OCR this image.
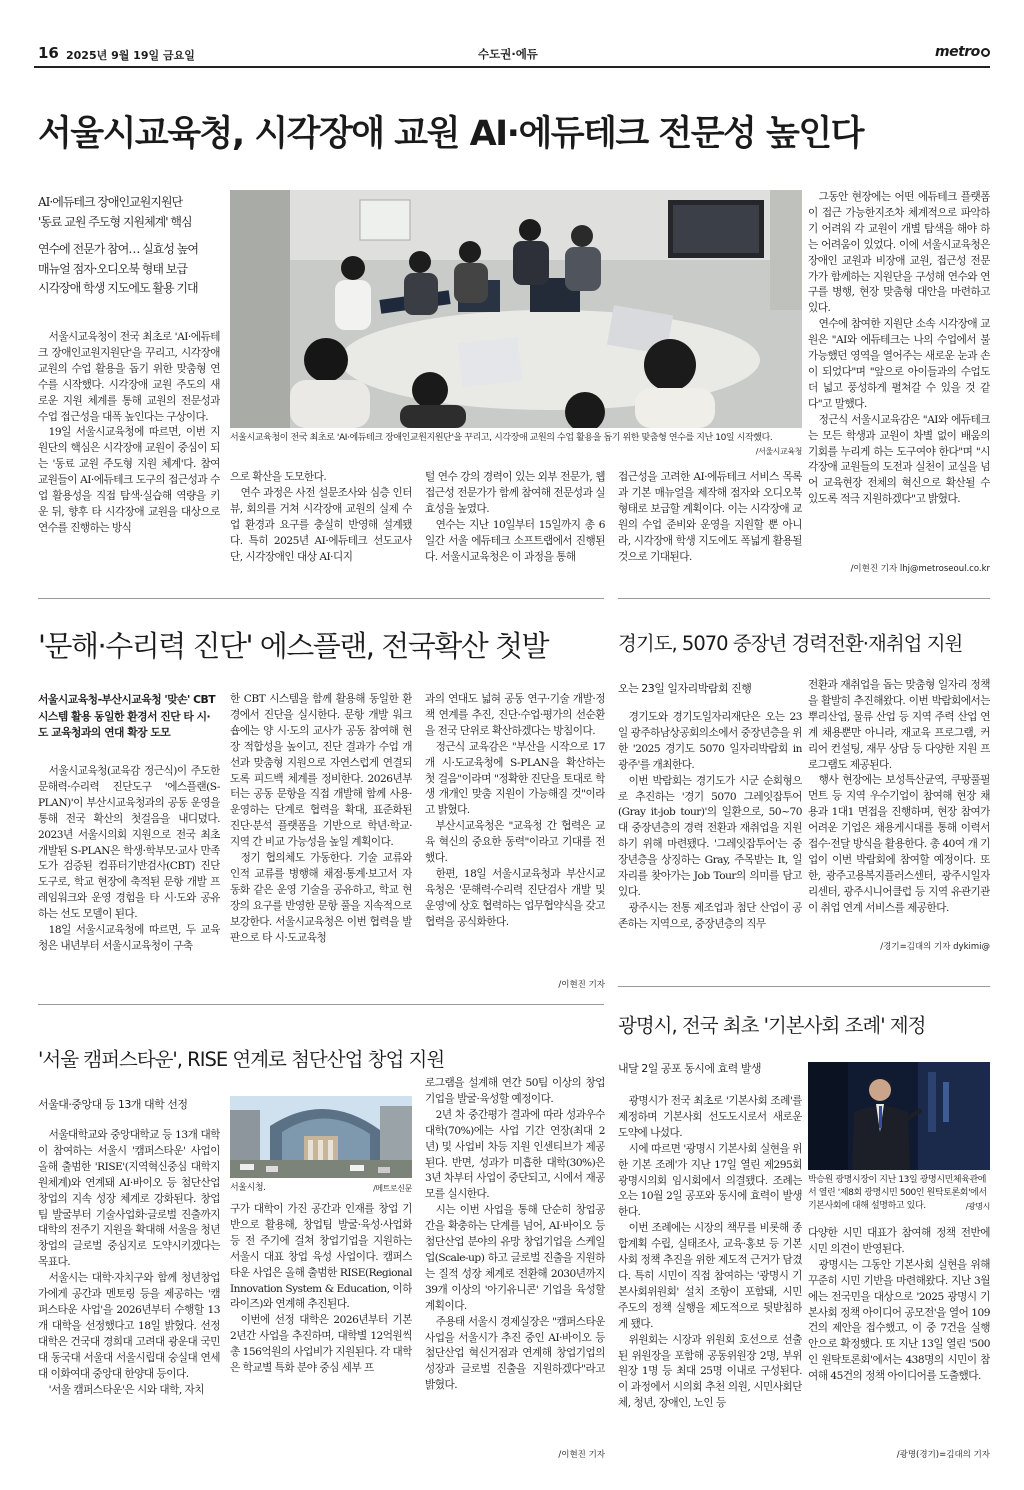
16 2025년 9월 19일 금요일	수도권·에듀	metro
서울시교육청, 시각장애 교원 AI·에듀테크 전문성 높인다
AI·에듀테크 장애인교원지원단
'동료 교원 주도형 지원체계' 핵심
연수에 전문가 참여… 실효성 높여
매뉴얼 점자·오디오북 형태 보급
시각장애 학생 지도에도 활용 기대

서울시교육청이 전국 최초로 'AI·에듀테크 장애인교원지원단'을 꾸리고, 시각장애 교원의 수업 활용을 돕기 위한 맞춤형 연수를 시작했다. 시각장애 교원 주도의 새로운 지원 체계를 통해 교원의 전문성과 수업 접근성을 대폭 높인다는 구상이다.

19일 서울시교육청에 따르면, 이번 지원단의 핵심은 시각장애 교원이 중심이 되는 '동료 교원 주도형 지원 체계'다. 참여 교원들이 AI·에듀테크 도구의 접근성과 수업 활용성을 직접 탐색·실습해 역량을 키운 뒤, 향후 타 시각장애 교원을 대상으로 연수를 진행하는 방식

서울시교육청이 전국 최초로 'AI·에듀테크 장애인교원지원단'을 꾸리고, 시각장애 교원의 수업 활용을 돕기 위한 맞춤형 연수를 지난 10일 시작했다.
/서울시교육청

으로 확산을 도모한다.

연수 과정은 사전 설문조사와 심층 인터뷰, 회의를 거쳐 시각장애 교원의 실제 수업 환경과 요구를 충실히 반영해 설계됐다. 특히 2025년 AI·에듀테크 선도교사단, 시각장애인 대상 AI·디지

털 연수 강의 경력이 있는 외부 전문가, 웹접근성 전문가가 함께 참여해 전문성과 실효성을 높였다.

연수는 지난 10일부터 15일까지 총 6일간 서울 에듀테크 소프트랩에서 진행된다. 서울시교육청은 이 과정을 통해

접근성을 고려한 AI·에듀테크 서비스 목록과 기본 매뉴얼을 제작해 점자와 오디오북 형태로 보급할 계획이다. 이는 시각장애 교원의 수업 준비와 운영을 지원할 뿐 아니라, 시각장애 학생 지도에도 폭넓게 활용될 것으로 기대된다.

그동안 현장에는 어떤 에듀테크 플랫폼이 접근 가능한지조차 체계적으로 파악하기 어려워 각 교원이 개별 탐색을 해야 하는 어려움이 있었다. 이에 서울시교육청은 장애인 교원과 비장애 교원, 접근성 전문가가 함께하는 지원단을 구성해 연수와 연구를 병행, 현장 맞춤형 대안을 마련하고 있다.

연수에 참여한 지원단 소속 시각장애 교원은 "AI와 에듀테크는 나의 수업에서 불가능했던 영역을 열어주는 새로운 눈과 손이 되었다"며 "앞으로 아이들과의 수업도 더 넓고 풍성하게 펼쳐갈 수 있을 것 같다"고 말했다.

정근식 서울시교육감은 "AI와 에듀테크는 모든 학생과 교원이 차별 없이 배움의 기회를 누리게 하는 도구여야 한다"며 "시각장애 교원들의 도전과 실천이 교실을 넘어 교육현장 전체의 혁신으로 확산될 수 있도록 적극 지원하겠다"고 밝혔다.

/이현진 기자 lhj@metroseoul.co.kr
'문해·수리력 진단' 에스플랜, 전국확산 첫발
서울시교육청-부산시교육청 '맞손' CBT 시스템 활용 동일한 환경서 진단 타 시·도 교육청과의 연대 확장 도모

서울시교육청(교육감 정근식)이 주도한 문해력·수리력 진단도구 '에스플랜(S-PLAN)'이 부산시교육청과의 공동 운영을 통해 전국 확산의 첫걸음을 내디뎠다. 2023년 서울시의회 지원으로 전국 최초 개발된 S-PLAN은 학생·학부모·교사 만족도가 검증된 컴퓨터기반검사(CBT) 진단도구로, 학교 현장에 축적된 문항 개발 프레임워크와 운영 경험을 타 시·도와 공유하는 선도 모델이 된다.

18일 서울시교육청에 따르면, 두 교육청은 내년부터 서울시교육청이 구축

한 CBT 시스템을 함께 활용해 동일한 환경에서 진단을 실시한다. 문항 개발 워크숍에는 양 시·도의 교사가 공동 참여해 현장 적합성을 높이고, 진단 결과가 수업 개선과 맞춤형 지원으로 자연스럽게 연결되도록 피드백 체계를 정비한다. 2026년부터는 공동 문항을 직접 개발해 함께 사용·운영하는 단계로 협력을 확대, 표준화된 진단·분석 플랫폼을 기반으로 학년·학교·지역 간 비교 가능성을 높일 계획이다.

정기 협의체도 가동한다. 기술 교류와 인적 교류를 병행해 채점·통계·보고서 자동화 같은 운영 기술을 공유하고, 학교 현장의 요구를 반영한 문항 풀을 지속적으로 보강한다. 서울시교육청은 이번 협력을 발판으로 타 시·도교육청

과의 연대도 넓혀 공동 연구·기술 개발·정책 연계를 추진, 진단·수업·평가의 선순환을 전국 단위로 확산하겠다는 방침이다.

정근식 교육감은 "부산을 시작으로 17개 시·도교육청에 S-PLAN을 확산하는 첫 걸음"이라며 "정확한 진단을 토대로 학생 개개인 맞춤 지원이 가능해질 것"이라고 밝혔다.

부산시교육청은 "교육청 간 협력은 교육 혁신의 중요한 동력"이라고 기대를 전했다.

한편, 18일 서울시교육청과 부산시교육청은 '문해력·수리력 진단검사 개발 및 운영'에 상호 협력하는 업무협약식을 갖고 협력을 공식화한다.

/이현진 기자
경기도, 5070 중장년 경력전환·재취업 지원
오는 23일 일자리박람회 진행

경기도와 경기도일자리재단은 오는 23일 광주하남상공회의소에서 중장년층을 위한 '2025 경기도 5070 일자리박람회 in 광주'를 개최한다.

이번 박람회는 경기도가 시군 순회형으로 추진하는 '경기 5070 그레잇잡투어(Gray it-job tour)'의 일환으로, 50~70대 중장년층의 경력 전환과 재취업을 지원하기 위해 마련됐다. '그레잇잡투어'는 중장년층을 상징하는 Gray, 주목받는 It, 일자리를 찾아가는 Job Tour의 의미를 담고 있다.

광주시는 전통 제조업과 첨단 산업이 공존하는 지역으로, 중장년층의 직무

전환과 재취업을 돕는 맞춤형 일자리 정책을 활발히 추진해왔다. 이번 박람회에서는 뿌리산업, 물류 산업 등 지역 주력 산업 연계 채용뿐만 아니라, 재교육 프로그램, 커리어 컨설팅, 재무 상담 등 다양한 지원 프로그램도 제공된다.

행사 현장에는 보성특산균역, 쿠팡풀필먼트 등 지역 우수기업이 참여해 현장 채용과 1대1 면접을 진행하며, 현장 참여가 어려운 기업은 채용게시대를 통해 이력서 접수·전달 방식을 활용한다. 총 40여 개 기업이 이번 박람회에 참여할 예정이다. 또한, 광주고용복지플러스센터, 광주시일자리센터, 광주시니어클럽 등 지역 유관기관이 취업 연계 서비스를 제공한다.

/경기=김대의 기자 dykimi@
'서울 캠퍼스타운', RISE 연계로 첨단산업 창업 지원
서울대·중앙대 등 13개 대학 선정

서울대학교와 중앙대학교 등 13개 대학이 참여하는 서울시 '캠퍼스타운' 사업이 올해 출범한 'RISE'(지역혁신중심 대학지원체계)와 연계돼 AI·바이오 등 첨단산업 창업의 지속 성장 체계로 강화된다. 창업팀 발굴부터 기술사업화·글로벌 진출까지 대학의 전주기 지원을 확대해 서울을 청년 창업의 글로벌 중심지로 도약시키겠다는 목표다.

서울시는 대학·자치구와 함께 청년창업가에게 공간과 멘토링 등을 제공하는 '캠퍼스타운 사업'을 2026년부터 수행할 13개 대학을 선정했다고 18일 밝혔다. 선정 대학은 건국대 경희대 고려대 광운대 국민대 동국대 서울대 서울시립대 숭실대 연세대 이화여대 중앙대 한양대 등이다.

'서울 캠퍼스타운'은 시와 대학, 자치

서울시청.	/메트로신문

구가 대학이 가진 공간과 인재를 창업 기반으로 활용해, 창업팀 발굴·육성·사업화 등 전 주기에 걸쳐 창업기업을 지원하는 서울시 대표 창업 육성 사업이다. 캠퍼스타운 사업은 올해 출범한 RISE(Regional Innovation System & Education, 이하 라이즈)와 연계해 추진된다.

이번에 선정 대학은 2026년부터 기본 2년간 사업을 추진하며, 대학별 12억원씩 총 156억원의 사업비가 지원된다. 각 대학은 학교별 특화 분야 중심 세부 프

로그램을 설계해 연간 50팀 이상의 창업기업을 발굴·육성할 예정이다.

2년 차 중간평가 결과에 따라 성과우수 대학(70%)에는 사업 기간 연장(최대 2년) 및 사업비 차등 지원 인센티브가 제공된다. 반면, 성과가 미흡한 대학(30%)은 3년 차부터 사업이 중단되고, 시에서 재공모를 실시한다.

시는 이번 사업을 통해 단순히 창업공간을 확충하는 단계를 넘어, AI·바이오 등 첨단산업 분야의 유망 창업기업을 스케일업(Scale-up) 하고 글로벌 진출을 지원하는 질적 성장 체계로 전환해 2030년까지 39개 이상의 '아기유니콘' 기업을 육성할 계획이다.

주용태 서울시 경제실장은 "캠퍼스타운 사업을 서울시가 추진 중인 AI·바이오 등 첨단산업 혁신거점과 연계해 창업기업의 성장과 글로벌 진출을 지원하겠다"라고 밝혔다.

/이현진 기자
광명시, 전국 최초 '기본사회 조례' 제정
내달 2일 공포 동시에 효력 발생

광명시가 전국 최초로 '기본사회 조례'를 제정하며 기본사회 선도도시로서 새로운 도약에 나섰다.

시에 따르면 '광명시 기본사회 실현을 위한 기본 조례'가 지난 17일 열린 제295회 광명시의회 임시회에서 의결됐다. 조례는 오는 10월 2일 공포와 동시에 효력이 발생한다.

이번 조례에는 시장의 책무를 비롯해 종합계획 수립, 실태조사, 교육·홍보 등 기본사회 정책 추진을 위한 제도적 근거가 담겼다. 특히 시민이 직접 참여하는 '광명시 기본사회위원회' 설치 조항이 포함돼, 시민 주도의 정책 실행을 제도적으로 뒷받침하게 됐다.

위원회는 시장과 위원회 호선으로 선출된 위원장을 포함해 공동위원장 2명, 부위원장 1명 등 최대 25명 이내로 구성된다. 이 과정에서 시의회 추천 의원, 시민사회단체, 청년, 장애인, 노인 등

박승원 광명시장이 지난 13일 광명시민체육관에서 열린 '제8회 광명시민 500인 원탁토론회'에서 기본사회에 대해 설명하고 있다.	/광명시

다양한 시민 대표가 참여해 정책 전반에 시민 의견이 반영된다.

광명시는 그동안 기본사회 실현을 위해 꾸준히 시민 기반을 마련해왔다. 지난 3월에는 전국민을 대상으로 '2025 광명시 기본사회 정책 아이디어 공모전'을 열어 109건의 제안을 접수했고, 이 중 7건을 실행안으로 확정했다. 또 지난 13일 열린 '500인 원탁토론회'에서는 438명의 시민이 참여해 45건의 정책 아이디어를 도출했다.

/광명(경기)=김대의 기자
